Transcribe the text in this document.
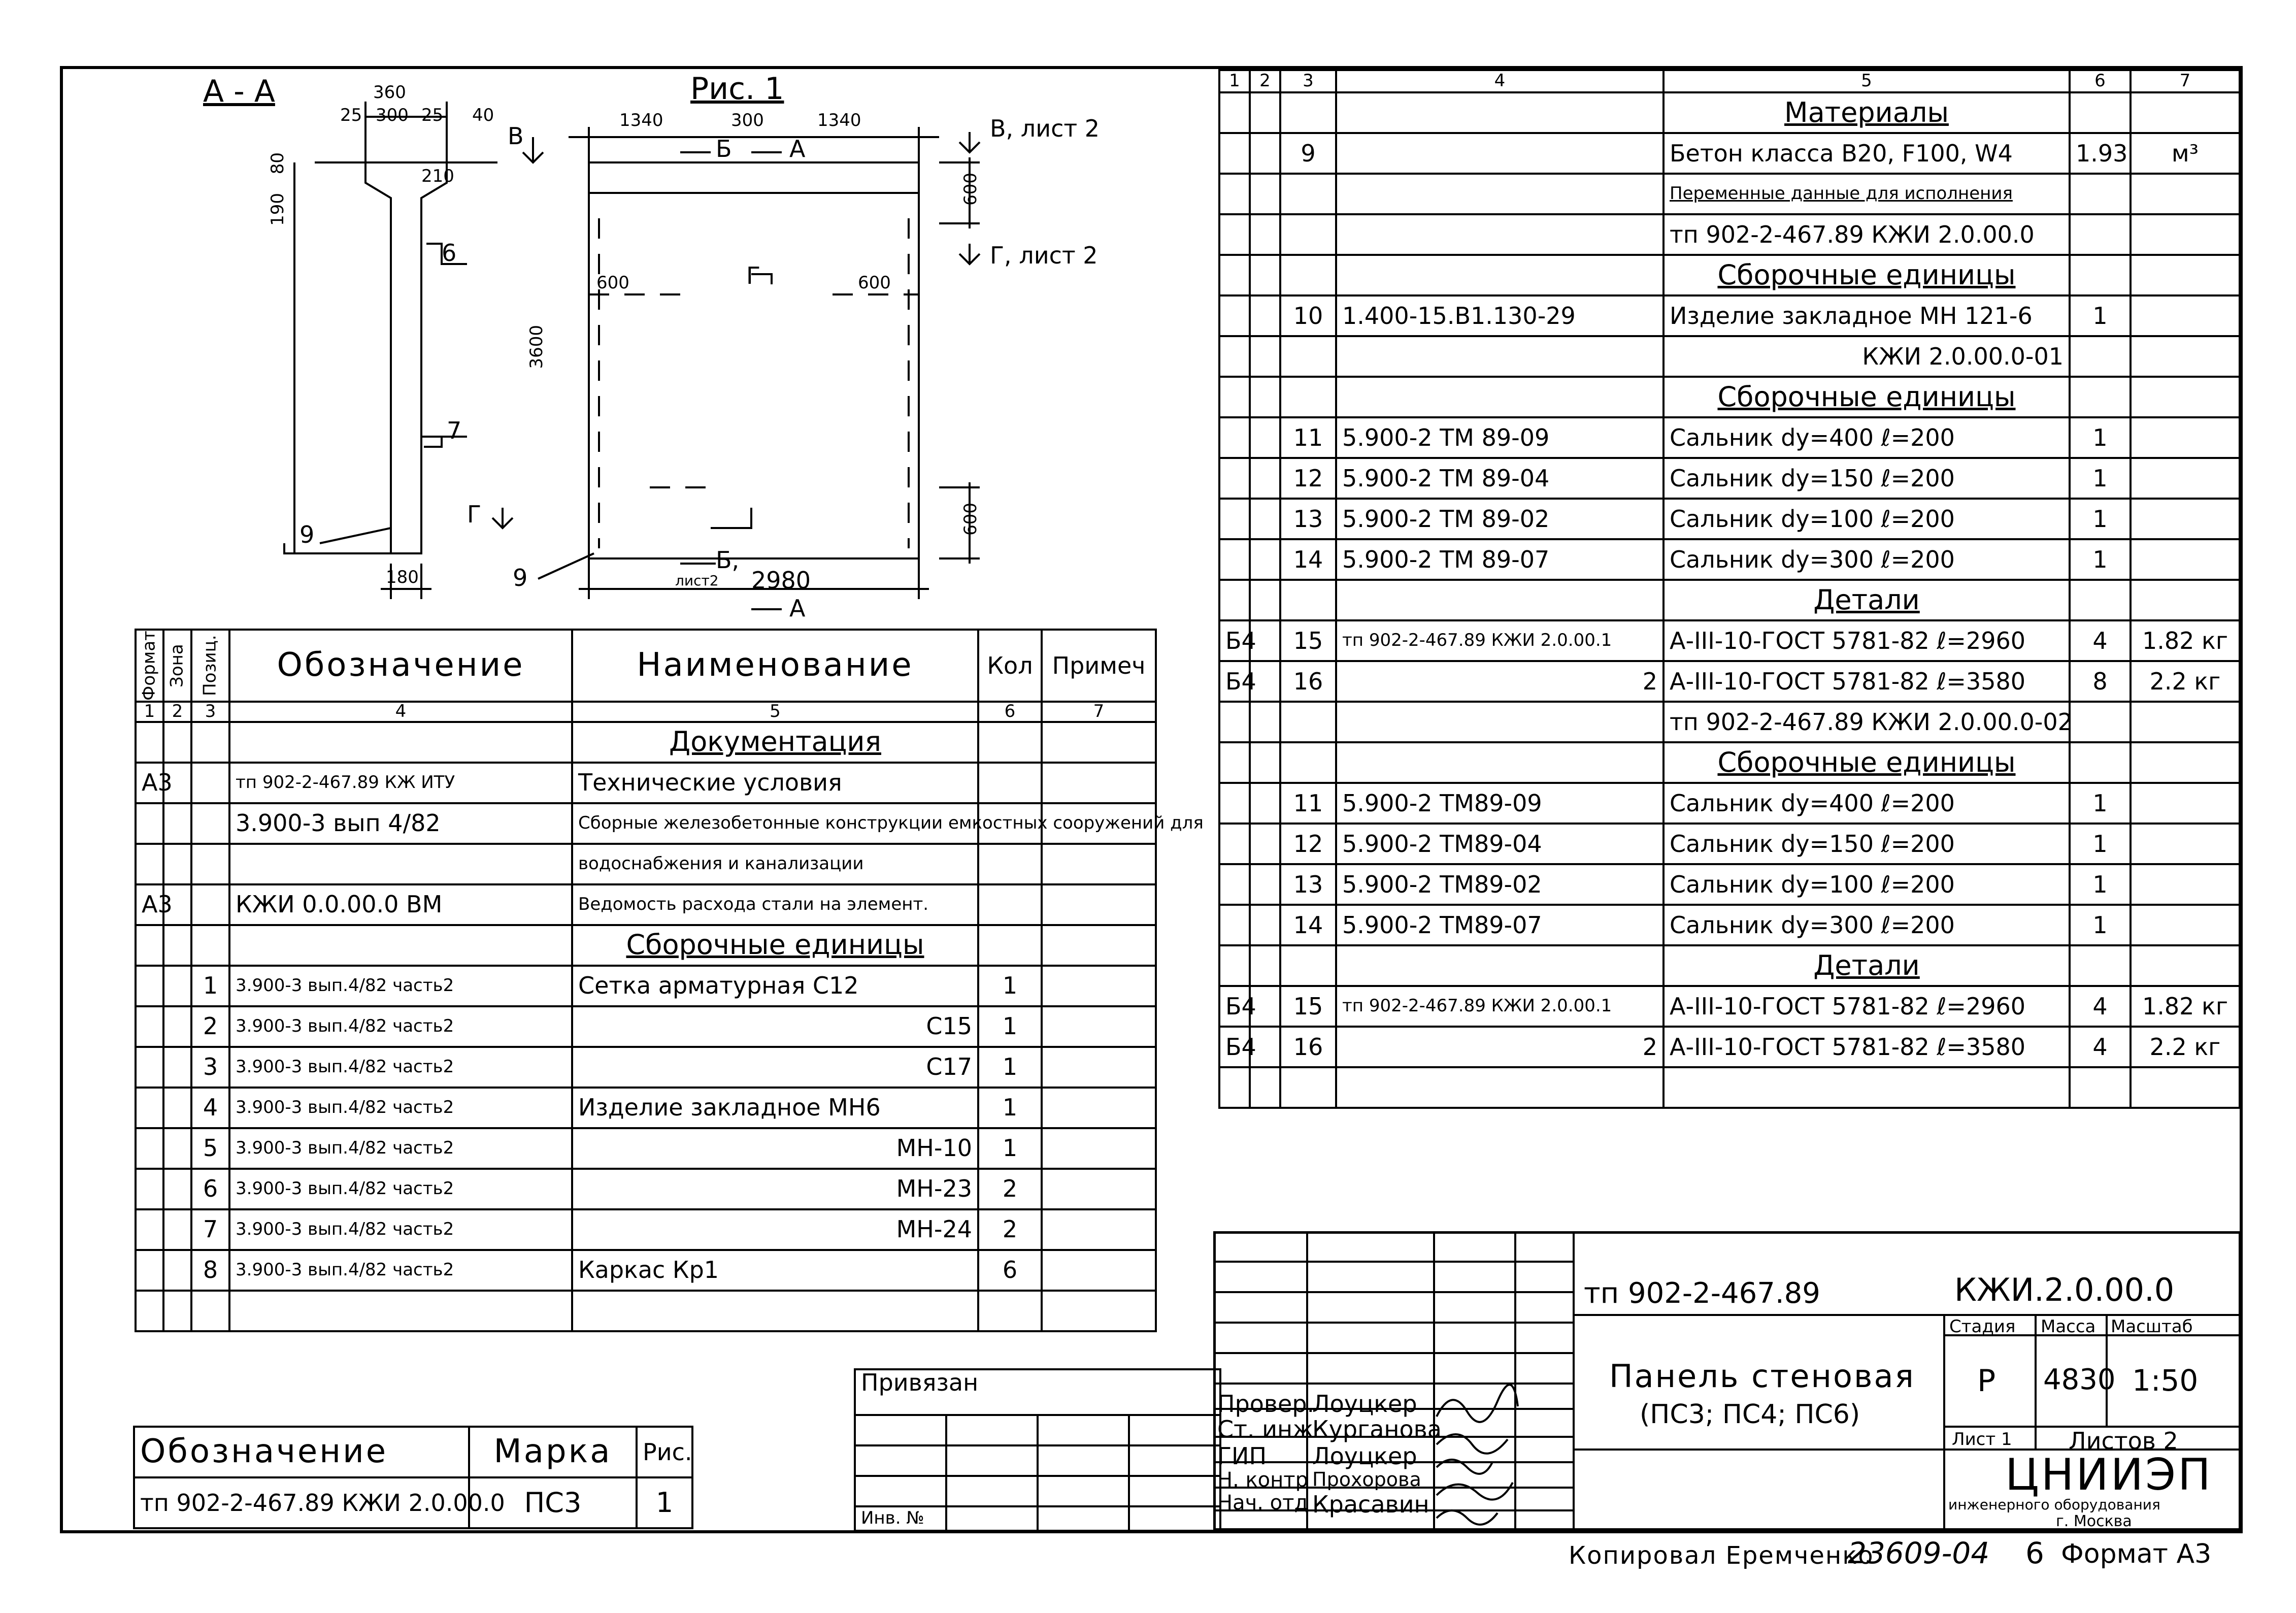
А - А	Рис. 1
360
25 300 25 40
80
190
210
3600
180
6
7
9
9
В
Г
1340	300	1340
Б А
600
600
600	600
Г
В, лист 2
Г, лист 2
Б,
лист2 2980
А
Формат	Зона	Позиц.	Обозначение	Наименование	Кол	Примеч
1	2	3	4	5	6	7
				Документация		
А3			тп 902-2-467.89 КЖ ИТУ	Технические условия		
			3.900-3 вып 4/82	Сборные железобетонные конструкции емкостных сооружений для		
				водоснабжения и канализации		
А3			КЖИ 0.0.00.0 ВМ	Ведомость расхода стали на элемент.		
				Сборочные единицы		
		1	3.900-3 вып.4/82 часть2	Сетка арматурная С12	1	
		2	3.900-3 вып.4/82 часть2	С15	1	
		3	3.900-3 вып.4/82 часть2	С17	1	
		4	3.900-3 вып.4/82 часть2	Изделие закладное МН6	1	
		5	3.900-3 вып.4/82 часть2	МН-10	1	
		6	3.900-3 вып.4/82 часть2	МН-23	2	
		7	3.900-3 вып.4/82 часть2	МН-24	2	
		8	3.900-3 вып.4/82 часть2	Каркас Кр1	6	

1	2	3	4	5	6	7
				Материалы		
		9		Бетон класса В20, F100, W4	1.93	м³
				Переменные данные для исполнения		
				тп 902-2-467.89 КЖИ 2.0.00.0		
				Сборочные единицы		
		10	1.400-15.В1.130-29	Изделие закладное МН 121-6	1	
				КЖИ 2.0.00.0-01		
				Сборочные единицы		
		11	5.900-2 ТМ 89-09	Сальник dy=400 ℓ=200	1	
		12	5.900-2 ТМ 89-04	Сальник dy=150 ℓ=200	1	
		13	5.900-2 ТМ 89-02	Сальник dy=100 ℓ=200	1	
		14	5.900-2 ТМ 89-07	Сальник dy=300 ℓ=200	1	
				Детали		
Б4		15	тп 902-2-467.89 КЖИ 2.0.00.1	А-III-10-ГОСТ 5781-82 ℓ=2960	4	1.82 кг
Б4		16	2	А-III-10-ГОСТ 5781-82 ℓ=3580	8	2.2 кг
				тп 902-2-467.89 КЖИ 2.0.00.0-02		
				Сборочные единицы		
		11	5.900-2 ТМ89-09	Сальник dy=400 ℓ=200	1	
		12	5.900-2 ТМ89-04	Сальник dy=150 ℓ=200	1	
		13	5.900-2 ТМ89-02	Сальник dy=100 ℓ=200	1	
		14	5.900-2 ТМ89-07	Сальник dy=300 ℓ=200	1	
				Детали		
Б4		15	тп 902-2-467.89 КЖИ 2.0.00.1	А-III-10-ГОСТ 5781-82 ℓ=2960	4	1.82 кг
Б4		16	2	А-III-10-ГОСТ 5781-82 ℓ=3580	4	2.2 кг

Обозначение	Марка	Рис.
тп 902-2-467.89 КЖИ 2.0.00.0	ПС3	1
Привязан			

Инв. №			
Провер.
Лоуцкер
Ст. инж
Курганова
ГИП Лоуцкер
Н. контр Прохорова
Нач. отд Красавин
тп 902-2-467.89	КЖИ.2.0.00.0
Панель стеновая
(ПС3; ПС4; ПС6)
Стадия Масса Масштаб
Р 4830 1:50
Лист 1 Листов 2
ЦНИИЭП
инженерного оборудования
г. Москва
Копировал Еремченко
23609-04 6 Формат А3
